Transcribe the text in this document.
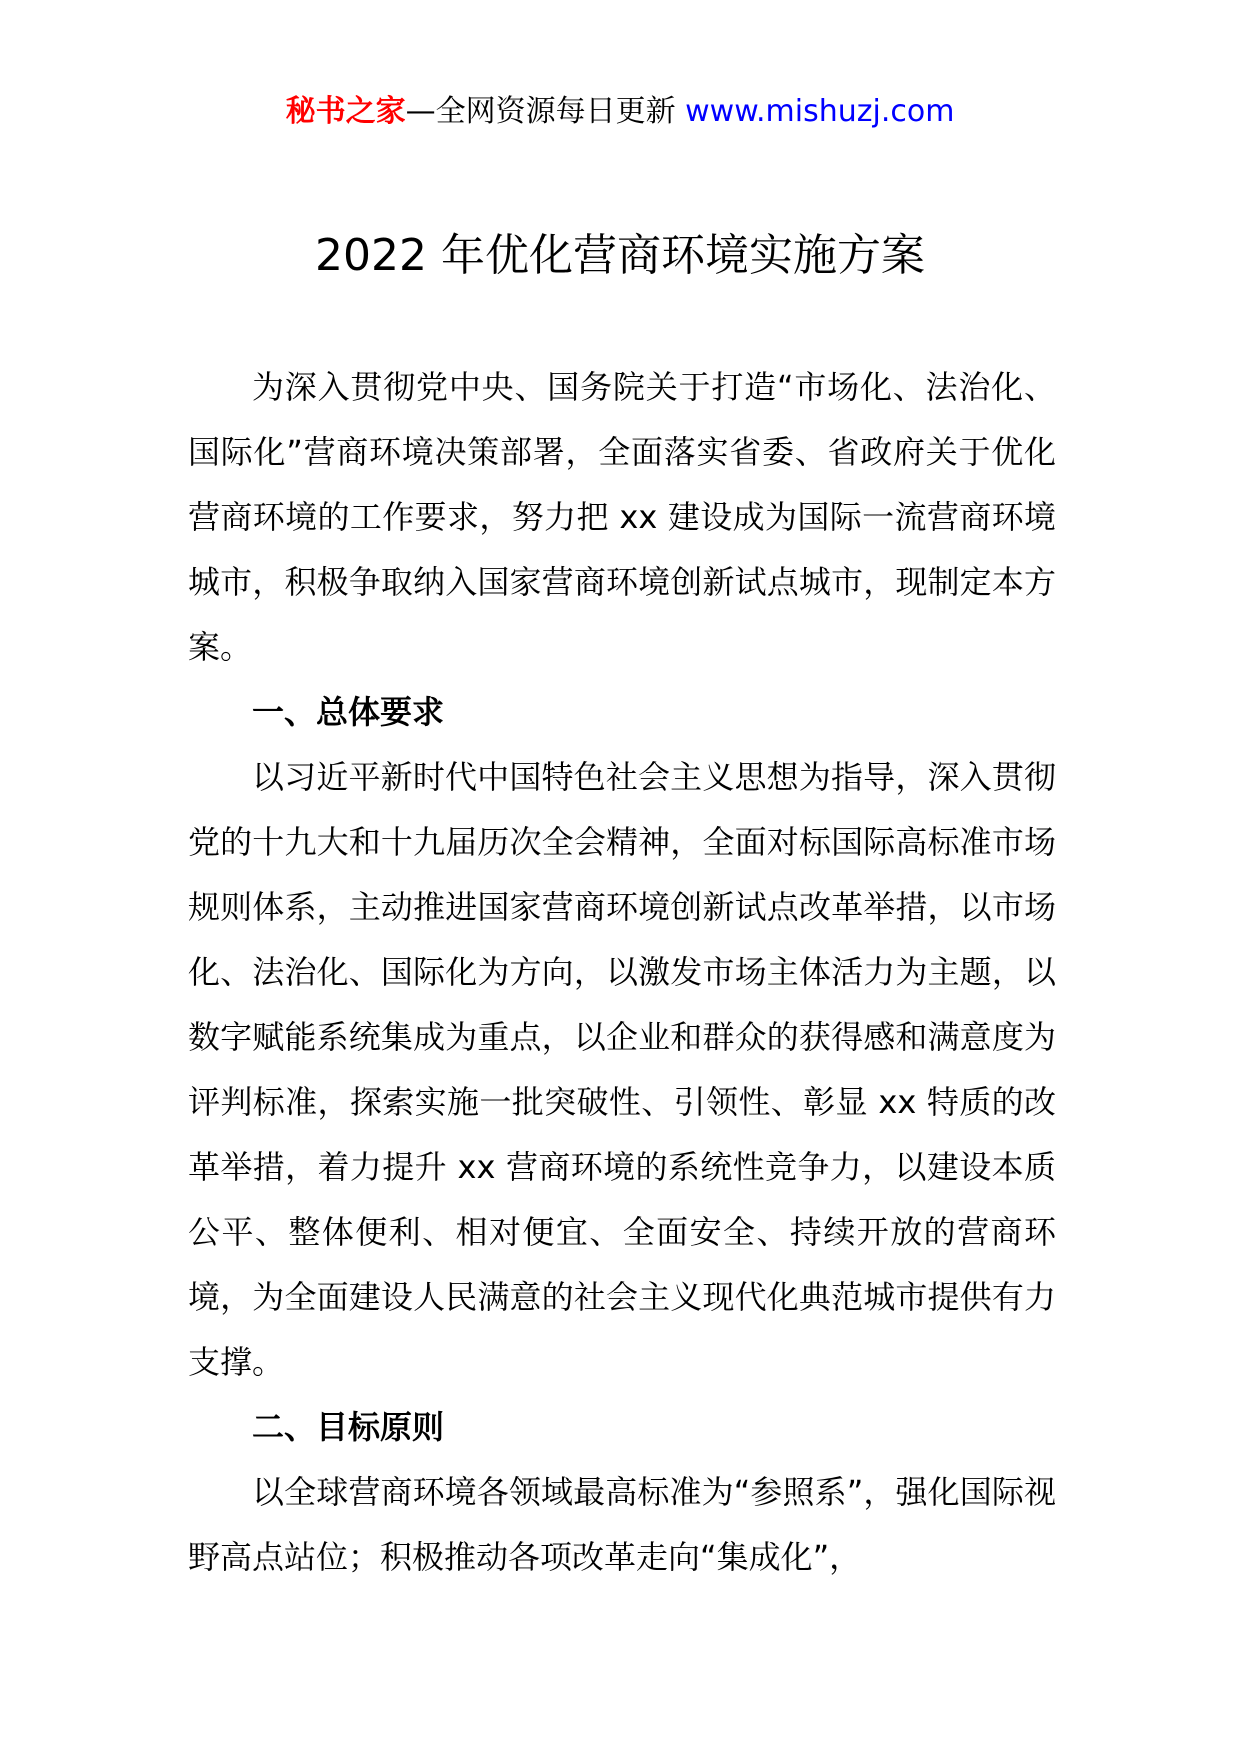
秘书之家—全网资源每日更新 www.mishuzj.com
2022 年优化营商环境实施方案

为深入贯彻党中央、国务院关于打造“市场化、法治化、国际化”营商环境决策部署，全面落实省委、省政府关于优化营商环境的工作要求，努力把 xx 建设成为国际一流营商环境城市，积极争取纳入国家营商环境创新试点城市，现制定本方案。

一、总体要求

以习近平新时代中国特色社会主义思想为指导，深入贯彻党的十九大和十九届历次全会精神，全面对标国际高标准市场规则体系，主动推进国家营商环境创新试点改革举措，以市场化、法治化、国际化为方向，以激发市场主体活力为主题，以数字赋能系统集成为重点，以企业和群众的获得感和满意度为评判标准，探索实施一批突破性、引领性、彰显 xx 特质的改革举措，着力提升 xx 营商环境的系统性竞争力，以建设本质公平、整体便利、相对便宜、全面安全、持续开放的营商环境，为全面建设人民满意的社会主义现代化典范城市提供有力支撑。

二、目标原则

以全球营商环境各领域最高标准为“参照系”，强化国际视野高点站位；积极推动各项改革走向“集成化”，
